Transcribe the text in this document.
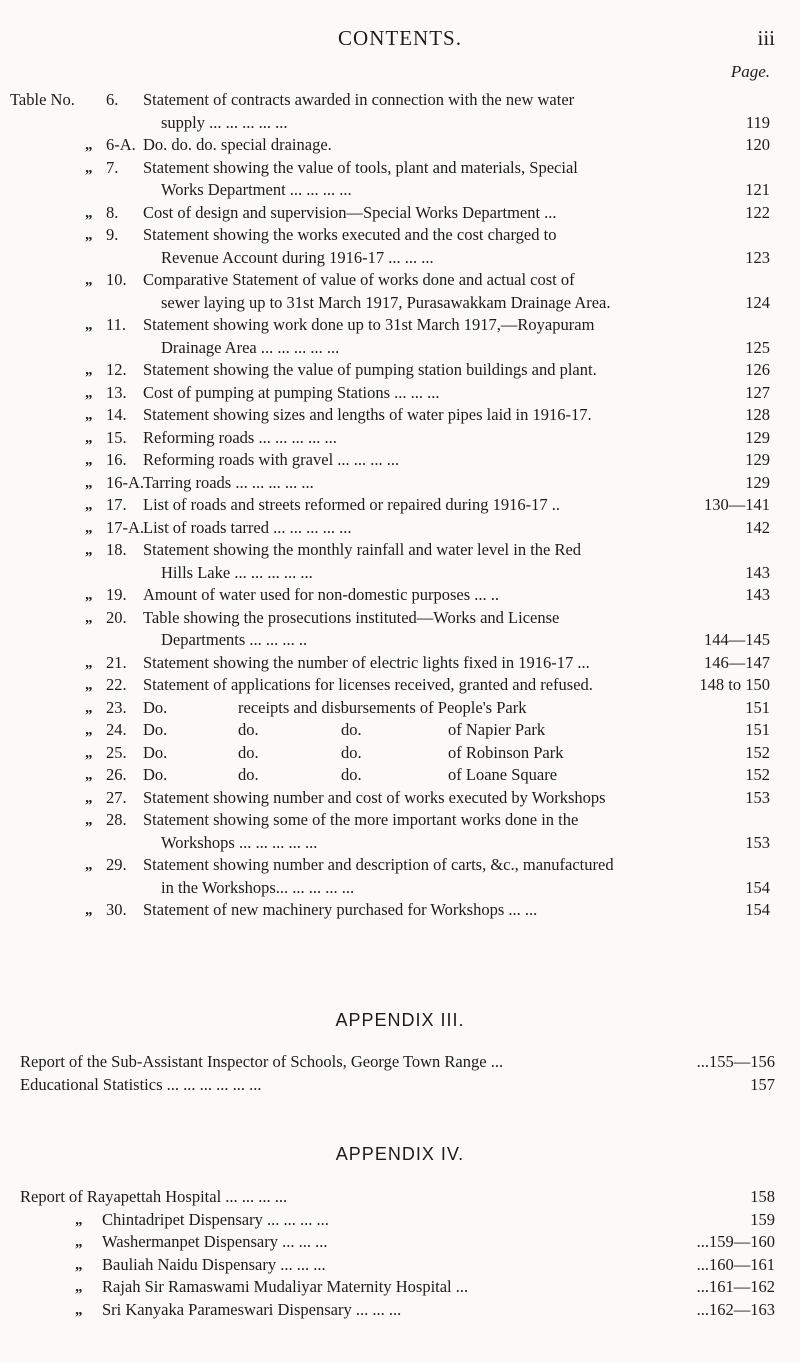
CONTENTS.	iii
Page.
Table No. 6. Statement of contracts awarded in connection with the new water
supply ... ... ... ... ...	119
„ 6-A. Do. do. do. special drainage.	120
„ 7. Statement showing the value of tools, plant and materials, Special
Works Department ... ... ... ...	121
„ 8. Cost of design and supervision—Special Works Department ...	122
„ 9. Statement showing the works executed and the cost charged to
Revenue Account during 1916-17 ... ... ...	123
„ 10. Comparative Statement of value of works done and actual cost of
sewer laying up to 31st March 1917, Purasawakkam Drainage Area.	124
„ 11. Statement showing work done up to 31st March 1917,—Royapuram
Drainage Area ... ... ... ... ...	125
„ 12. Statement showing the value of pumping station buildings and plant.	126
„ 13. Cost of pumping at pumping Stations ... ... ...	127
„ 14. Statement showing sizes and lengths of water pipes laid in 1916-17.	128
„ 15. Reforming roads ... ... ... ... ...	129
„ 16. Reforming roads with gravel ... ... ... ...	129
„ 16-A.
Tarring roads ... ... ... ... ...	129
„ 17. List of roads and streets reformed or repaired during 1916-17 ..	130—141
„ 17-A.
List of roads tarred ... ... ... ... ...	142
„ 18. Statement showing the monthly rainfall and water level in the Red
Hills Lake ... ... ... ... ...	143
„ 19. Amount of water used for non-domestic purposes ... ..	143
„ 20. Table showing the prosecutions instituted—Works and License
Departments ... ... ... ..	144—145
„ 21. Statement showing the number of electric lights fixed in 1916-17 ...	146—147
„ 22. Statement of applications for licenses received, granted and refused.	148 to 150
„ 23. Do.	receipts and disbursements of People's Park	151
„ 24. Do.	do.	do.	of Napier Park	151
„ 25. Do.	do.	do.	of Robinson Park	152
„ 26. Do.	do.	do.	of Loane Square	152
„ 27. Statement showing number and cost of works executed by Workshops	153
„ 28. Statement showing some of the more important works done in the
Workshops ... ... ... ... ...	153
„ 29. Statement showing number and description of carts, &c., manufactured
in the Workshops... ... ... ... ...	154
„ 30. Statement of new machinery purchased for Workshops ... ...	154
APPENDIX III.
Report of the Sub-Assistant Inspector of Schools, George Town Range ...	...155—156
Educational Statistics ... ... ... ... ... ...	157
APPENDIX IV.
Report of Rayapettah Hospital ... ... ... ...	158
„ Chintadripet Dispensary ... ... ... ...	159
„ Washermanpet Dispensary ... ... ...	...159—160
„ Bauliah Naidu Dispensary ... ... ...	...160—161
„ Rajah Sir Ramaswami Mudaliyar Maternity Hospital ...	...161—162
„ Sri Kanyaka Parameswari Dispensary ... ... ...	...162—163
